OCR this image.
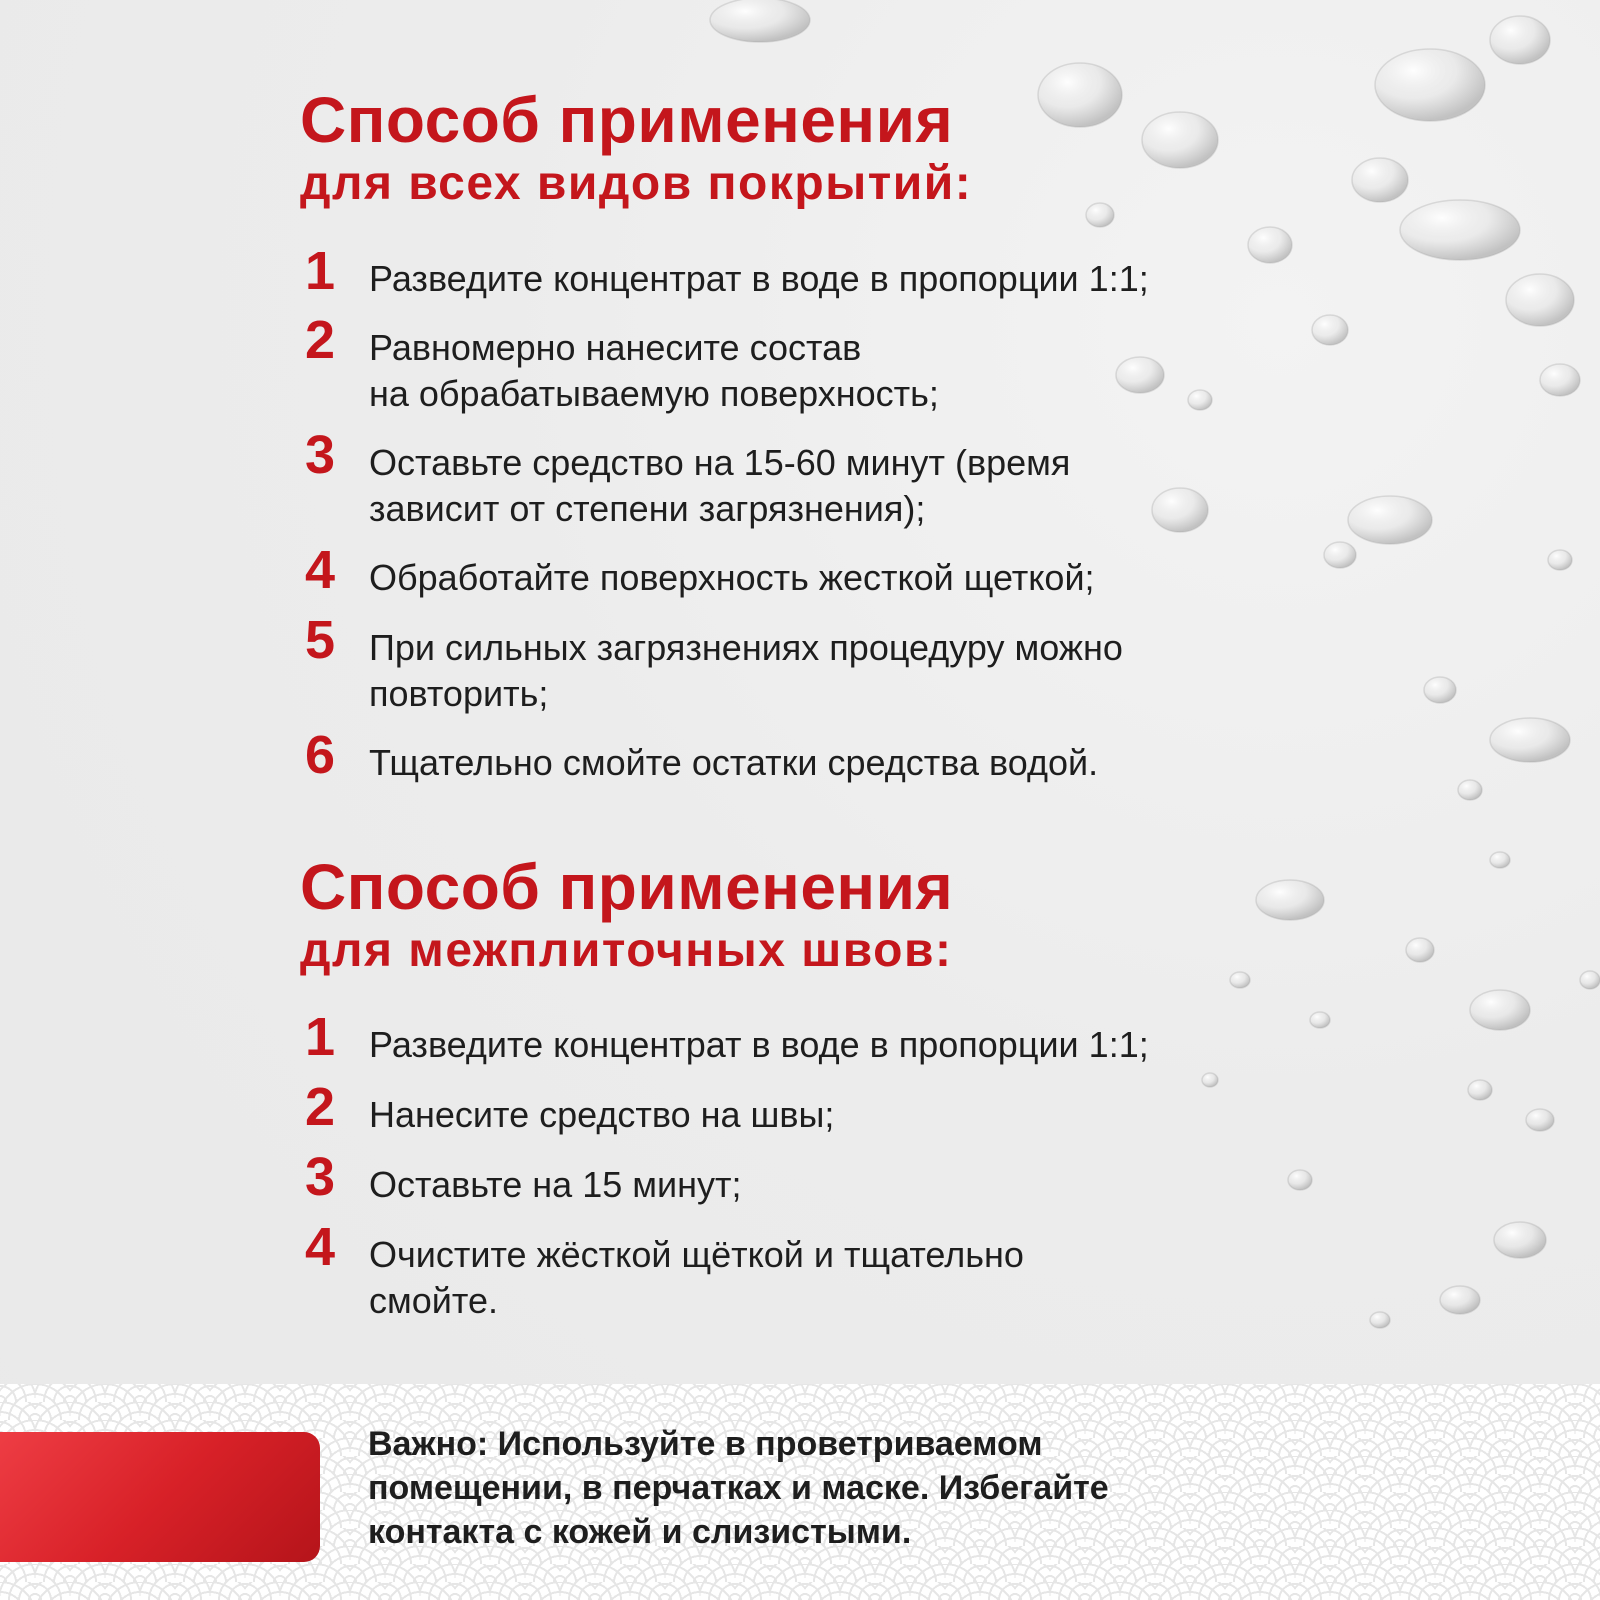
Способ применения
для всех видов покрытий:
1 Разведите концентрат в воде в пропорции 1:1;
2 Равномерно нанесите состав
на обрабатываемую поверхность;
3 Оставьте средство на 15-60 минут (время
зависит от степени загрязнения);
4 Обработайте поверхность жесткой щеткой;
5 При сильных загрязнениях процедуру можно
повторить;
6 Тщательно смойте остатки средства водой.
Способ применения
для межплиточных швов:
1 Разведите концентрат в воде в пропорции 1:1;
2 Нанесите средство на швы;
3 Оставьте на 15 минут;
4 Очистите жёсткой щёткой и тщательно
смойте.
Важно: Используйте в проветриваемом
помещении, в перчатках и маске. Избегайте
контакта с кожей и слизистыми.
